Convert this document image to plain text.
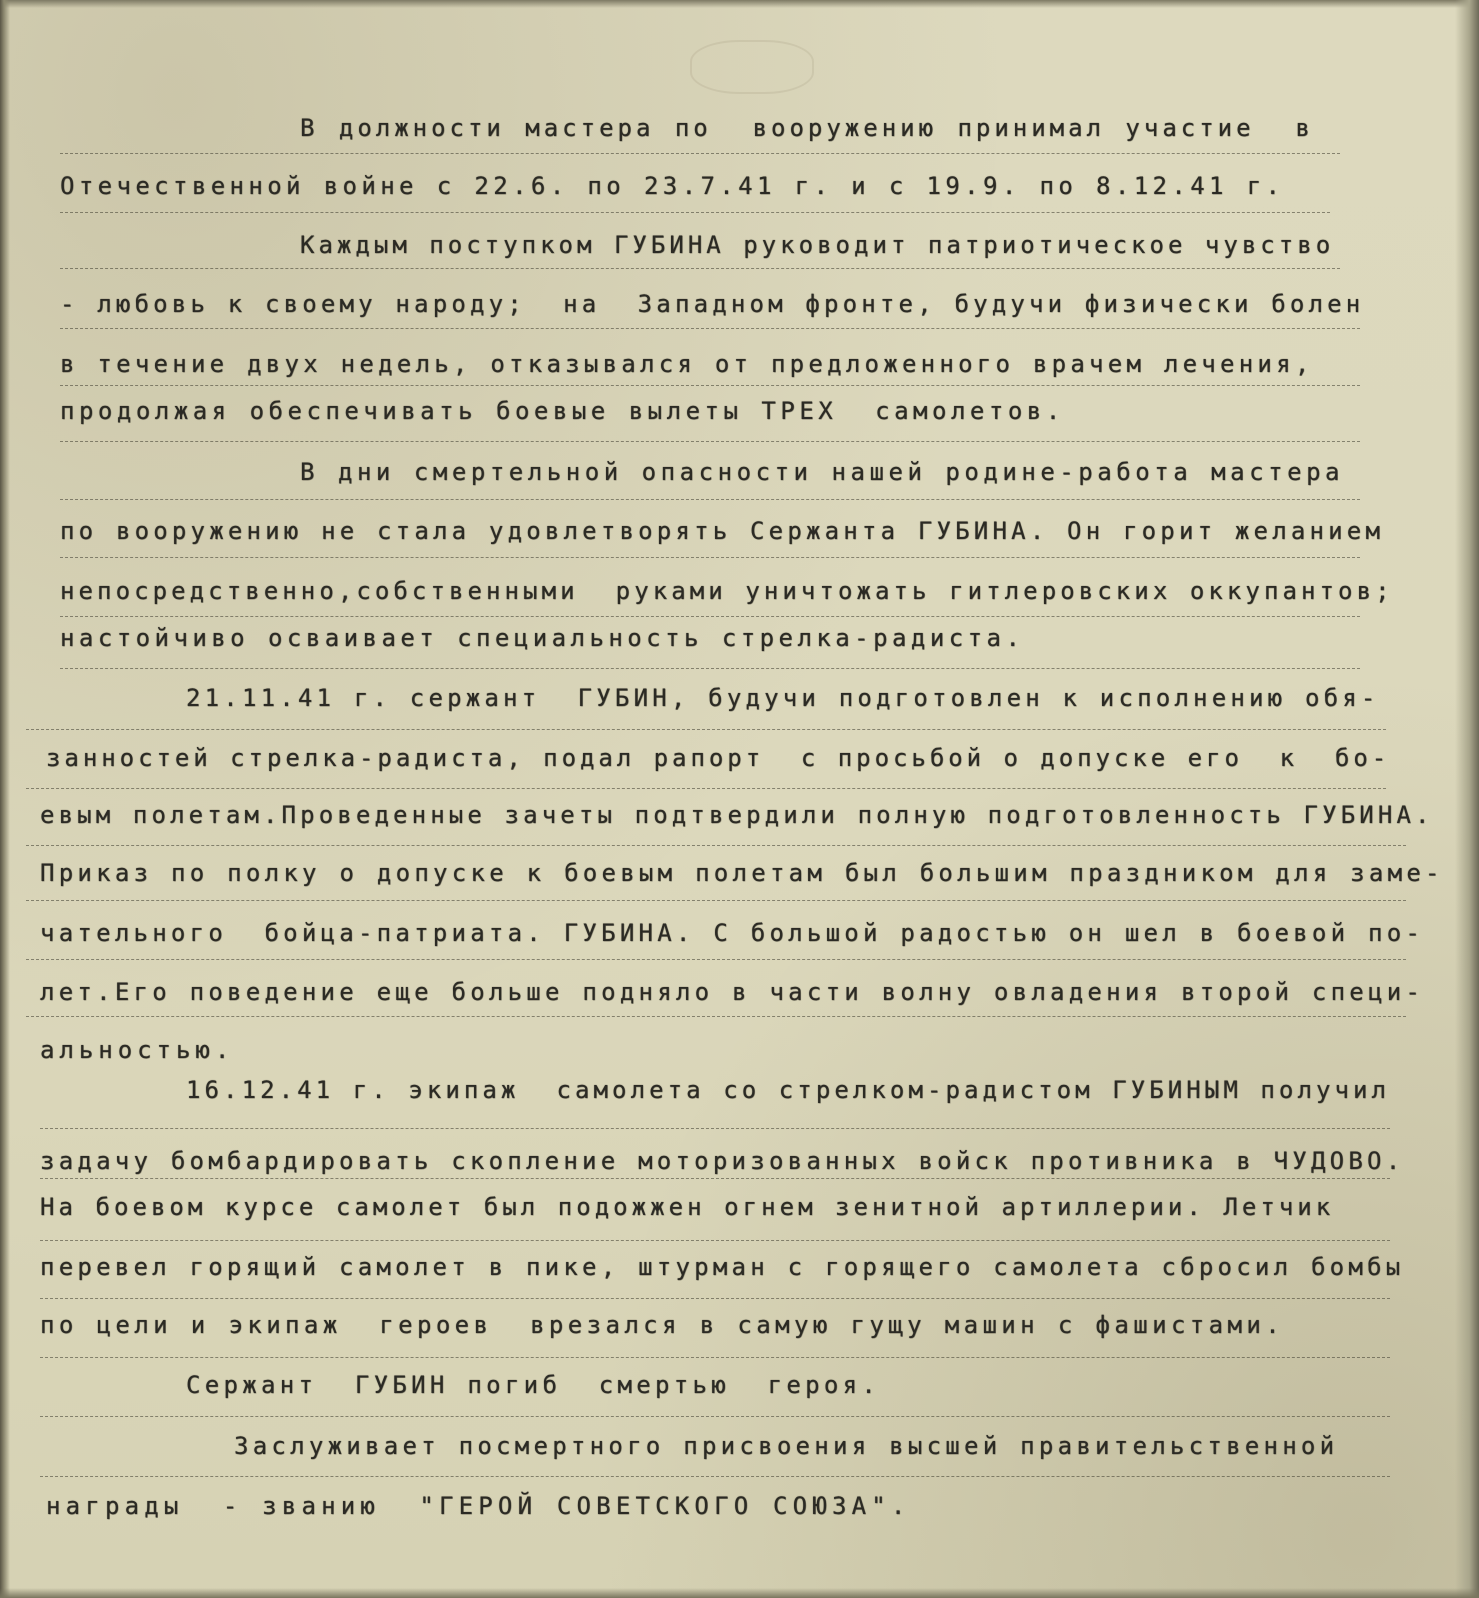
В должности мастера по  вооружению принимал участие  в
Отечественной войне с 22.6. по 23.7.41 г. и с 19.9. по 8.12.41 г.
Каждым поступком ГУБИНА руководит патриотическое чувство
- любовь к своему народу;  на  Западном фронте, будучи физически болен
в течение двух недель, отказывался от предложенного врачем лечения,
продолжая обеспечивать боевые вылеты ТРЕХ  самолетов.
В дни смертельной опасности нашей родине-работа мастера
по вооружению не стала удовлетворять Сержанта ГУБИНА. Он горит желанием
непосредственно,собственными  руками уничтожать гитлеровских оккупантов;
настойчиво осваивает специальность стрелка-радиста.
21.11.41 г. сержант  ГУБИН, будучи подготовлен к исполнению обя-
занностей стрелка-радиста, подал рапорт  с просьбой о допуске его  к  бо-
евым полетам.Проведенные зачеты подтвердили полную подготовленность ГУБИНА.
Приказ по полку о допуске к боевым полетам был большим праздником для заме-
чательного  бойца-патриата. ГУБИНА. С большой радостью он шел в боевой по-
лет.Его поведение еще больше подняло в части волну овладения второй специ-
альностью.
16.12.41 г. экипаж  самолета со стрелком-радистом ГУБИНЫМ получил
задачу бомбардировать скопление моторизованных войск противника в ЧУДОВО.
На боевом курсе самолет был подожжен огнем зенитной артиллерии. Летчик
перевел горящий самолет в пике, штурман с горящего самолета сбросил бомбы
по цели и экипаж  героев  врезался в самую гущу машин с фашистами.
Сержант  ГУБИН погиб  смертью  героя.
Заслуживает посмертного присвоения высшей правительственной
награды  - званию  "ГЕРОЙ СОВЕТСКОГО СОЮЗА".
